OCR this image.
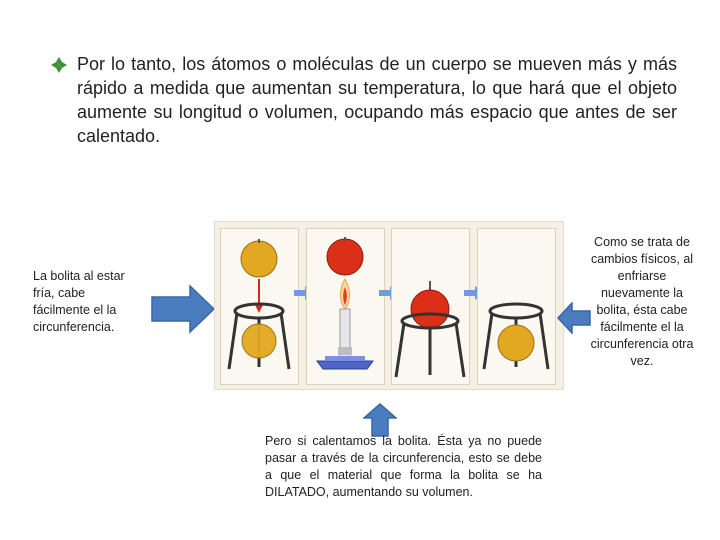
Por lo tanto, los átomos o moléculas de un cuerpo se mueven más y más rápido a medida que aumentan su temperatura, lo que hará que el objeto aumente su longitud o volumen, ocupando más espacio que antes de ser calentado.

La bolita al estar fría, cabe fácilmente el la circunferencia.

Como se trata de cambios físicos, al enfriarse nuevamente la bolita, ésta cabe fácilmente el la circunferencia otra vez.

Pero si calentamos la bolita. Ésta ya no puede pasar a través de la circunferencia, esto se debe a que el material que forma la bolita se ha DILATADO, aumentando su volumen.
